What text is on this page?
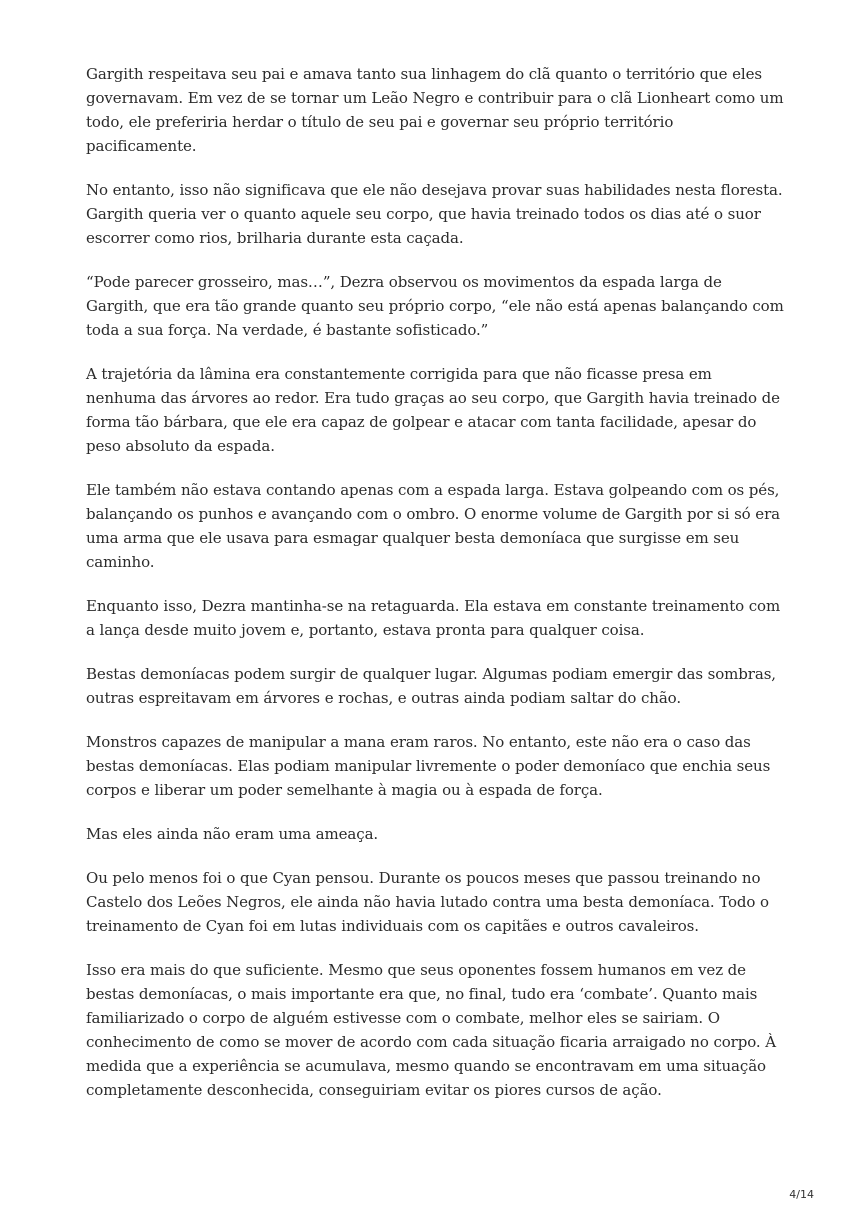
Gargith respeitava seu pai e amava tanto sua linhagem do clã quanto o território que eles governavam. Em vez de se tornar um Leão Negro e contribuir para o clã Lionheart como um todo, ele preferiria herdar o título de seu pai e governar seu próprio território pacificamente.

No entanto, isso não significava que ele não desejava provar suas habilidades nesta floresta. Gargith queria ver o quanto aquele seu corpo, que havia treinado todos os dias até o suor escorrer como rios, brilharia durante esta caçada.

“Pode parecer grosseiro, mas…”, Dezra observou os movimentos da espada larga de Gargith, que era tão grande quanto seu próprio corpo, “ele não está apenas balançando com toda a sua força. Na verdade, é bastante sofisticado.”

A trajetória da lâmina era constantemente corrigida para que não ficasse presa em nenhuma das árvores ao redor. Era tudo graças ao seu corpo, que Gargith havia treinado de forma tão bárbara, que ele era capaz de golpear e atacar com tanta facilidade, apesar do peso absoluto da espada.

Ele também não estava contando apenas com a espada larga. Estava golpeando com os pés, balançando os punhos e avançando com o ombro. O enorme volume de Gargith por si só era uma arma que ele usava para esmagar qualquer besta demoníaca que surgisse em seu caminho.

Enquanto isso, Dezra mantinha-se na retaguarda. Ela estava em constante treinamento com a lança desde muito jovem e, portanto, estava pronta para qualquer coisa.

Bestas demoníacas podem surgir de qualquer lugar. Algumas podiam emergir das sombras, outras espreitavam em árvores e rochas, e outras ainda podiam saltar do chão.

Monstros capazes de manipular a mana eram raros. No entanto, este não era o caso das bestas demoníacas. Elas podiam manipular livremente o poder demoníaco que enchia seus corpos e liberar um poder semelhante à magia ou à espada de força.

Mas eles ainda não eram uma ameaça.

Ou pelo menos foi o que Cyan pensou. Durante os poucos meses que passou treinando no Castelo dos Leões Negros, ele ainda não havia lutado contra uma besta demoníaca. Todo o treinamento de Cyan foi em lutas individuais com os capitães e outros cavaleiros.

Isso era mais do que suficiente. Mesmo que seus oponentes fossem humanos em vez de bestas demoníacas, o mais importante era que, no final, tudo era ‘combate’. Quanto mais familiarizado o corpo de alguém estivesse com o combate, melhor eles se sairiam. O conhecimento de como se mover de acordo com cada situação ficaria arraigado no corpo. À medida que a experiência se acumulava, mesmo quando se encontravam em uma situação completamente desconhecida, conseguiriam evitar os piores cursos de ação.

4/14
